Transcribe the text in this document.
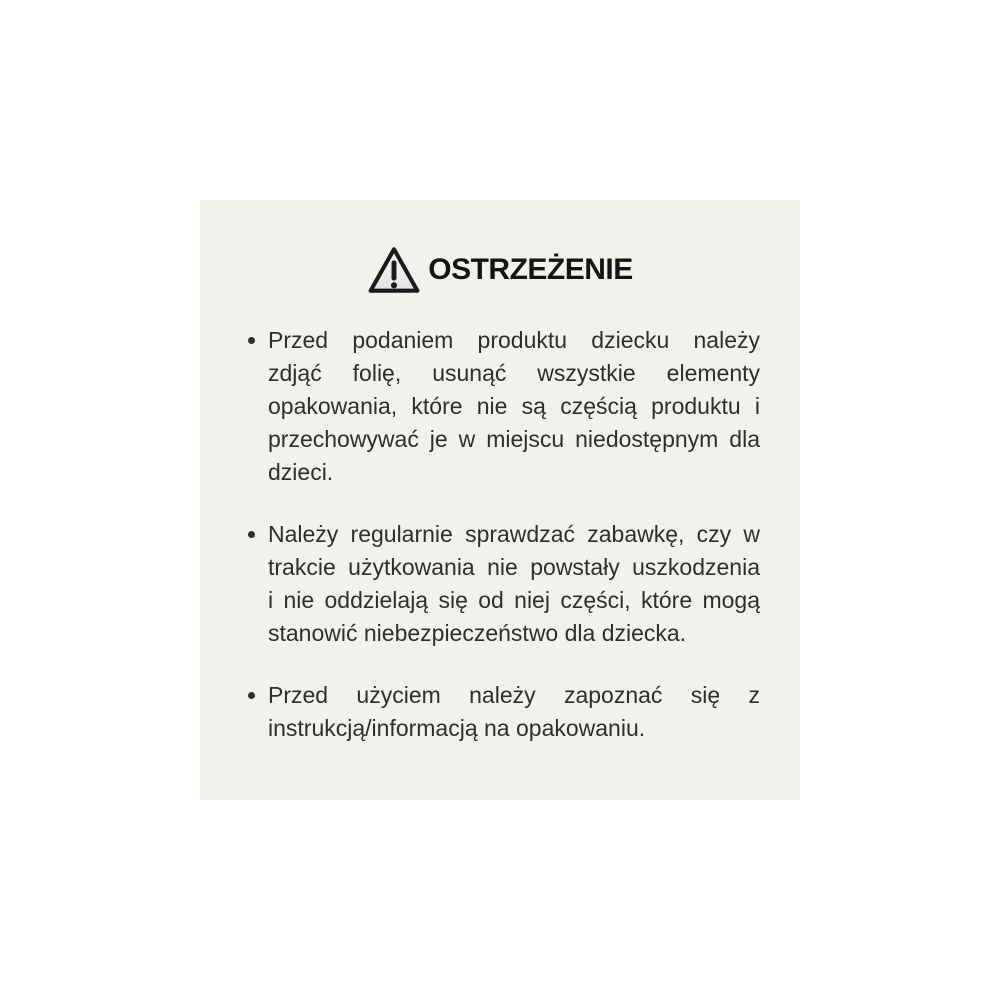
OSTRZEŻENIE
Przed podaniem produktu dziecku należy
zdjąć folię, usunąć wszystkie elementy
opakowania, które nie są częścią produktu i
przechowywać je w miejscu niedostępnym dla
dzieci.
Należy regularnie sprawdzać zabawkę, czy w
trakcie użytkowania nie powstały uszkodzenia
i nie oddzielają się od niej części, które mogą
stanowić niebezpieczeństwo dla dziecka.
Przed użyciem należy zapoznać się z
instrukcją/informacją na opakowaniu.
